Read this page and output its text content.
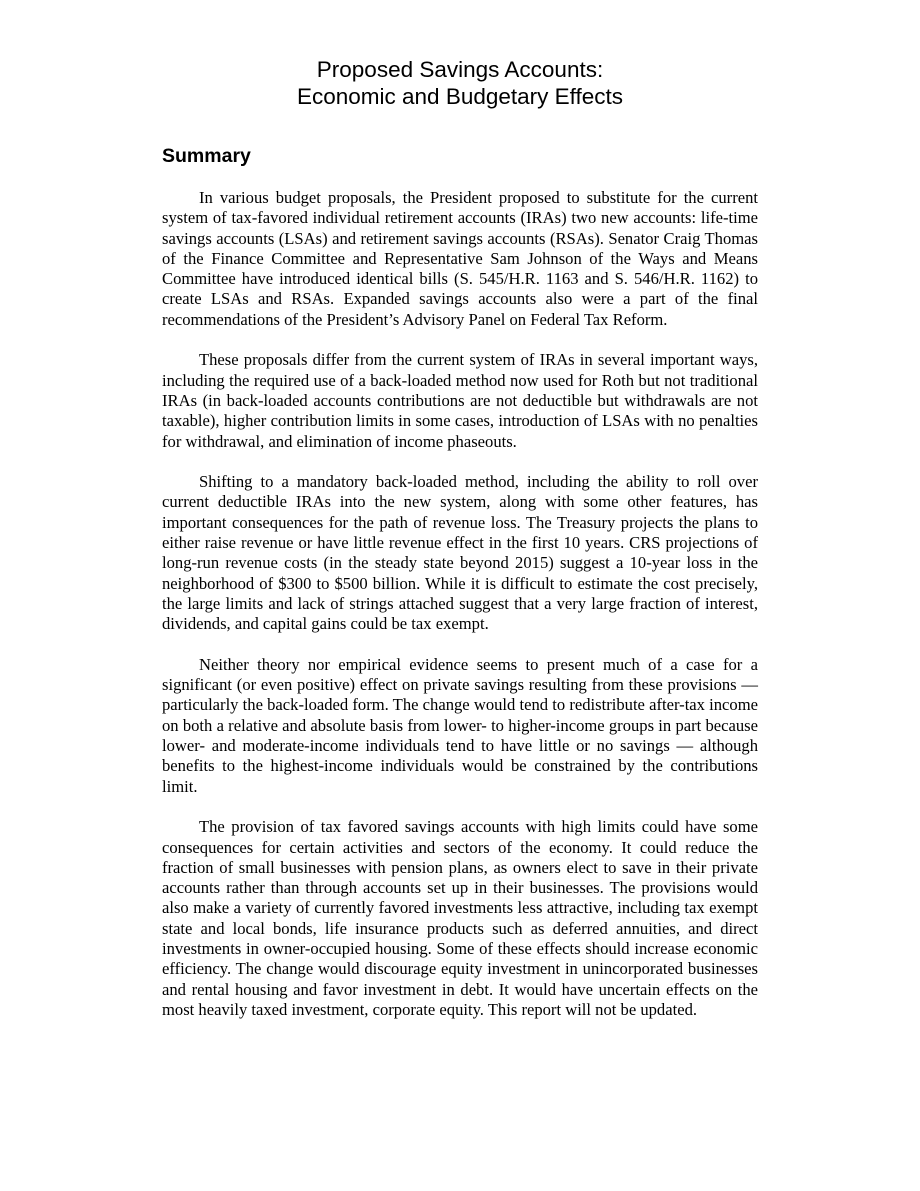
Proposed Savings Accounts:
Economic and Budgetary Effects
Summary

In various budget proposals, the President proposed to substitute for the current system of tax-favored individual retirement accounts (IRAs) two new accounts: life-time savings accounts (LSAs) and retirement savings accounts (RSAs). Senator Craig Thomas of the Finance Committee and Representative Sam Johnson of the Ways and Means Committee have introduced identical bills (S. 545/H.R. 1163 and S. 546/H.R. 1162) to create LSAs and RSAs. Expanded savings accounts also were a part of the final recommendations of the President’s Advisory Panel on Federal Tax Reform.

These proposals differ from the current system of IRAs in several important ways, including the required use of a back-loaded method now used for Roth but not traditional IRAs (in back-loaded accounts contributions are not deductible but withdrawals are not taxable), higher contribution limits in some cases, introduction of LSAs with no penalties for withdrawal, and elimination of income phaseouts.

Shifting to a mandatory back-loaded method, including the ability to roll over current deductible IRAs into the new system, along with some other features, has important consequences for the path of revenue loss. The Treasury projects the plans to either raise revenue or have little revenue effect in the first 10 years. CRS projections of long-run revenue costs (in the steady state beyond 2015) suggest a 10-year loss in the neighborhood of $300 to $500 billion. While it is difficult to estimate the cost precisely, the large limits and lack of strings attached suggest that a very large fraction of interest, dividends, and capital gains could be tax exempt.

Neither theory nor empirical evidence seems to present much of a case for a significant (or even positive) effect on private savings resulting from these provisions — particularly the back-loaded form. The change would tend to redistribute after-tax income on both a relative and absolute basis from lower- to higher-income groups in part because lower- and moderate-income individuals tend to have little or no savings — although benefits to the highest-income individuals would be constrained by the contributions limit.

The provision of tax favored savings accounts with high limits could have some consequences for certain activities and sectors of the economy. It could reduce the fraction of small businesses with pension plans, as owners elect to save in their private accounts rather than through accounts set up in their businesses. The provisions would also make a variety of currently favored investments less attractive, including tax exempt state and local bonds, life insurance products such as deferred annuities, and direct investments in owner-occupied housing. Some of these effects should increase economic efficiency. The change would discourage equity investment in unincorporated businesses and rental housing and favor investment in debt. It would have uncertain effects on the most heavily taxed investment, corporate equity. This report will not be updated.
